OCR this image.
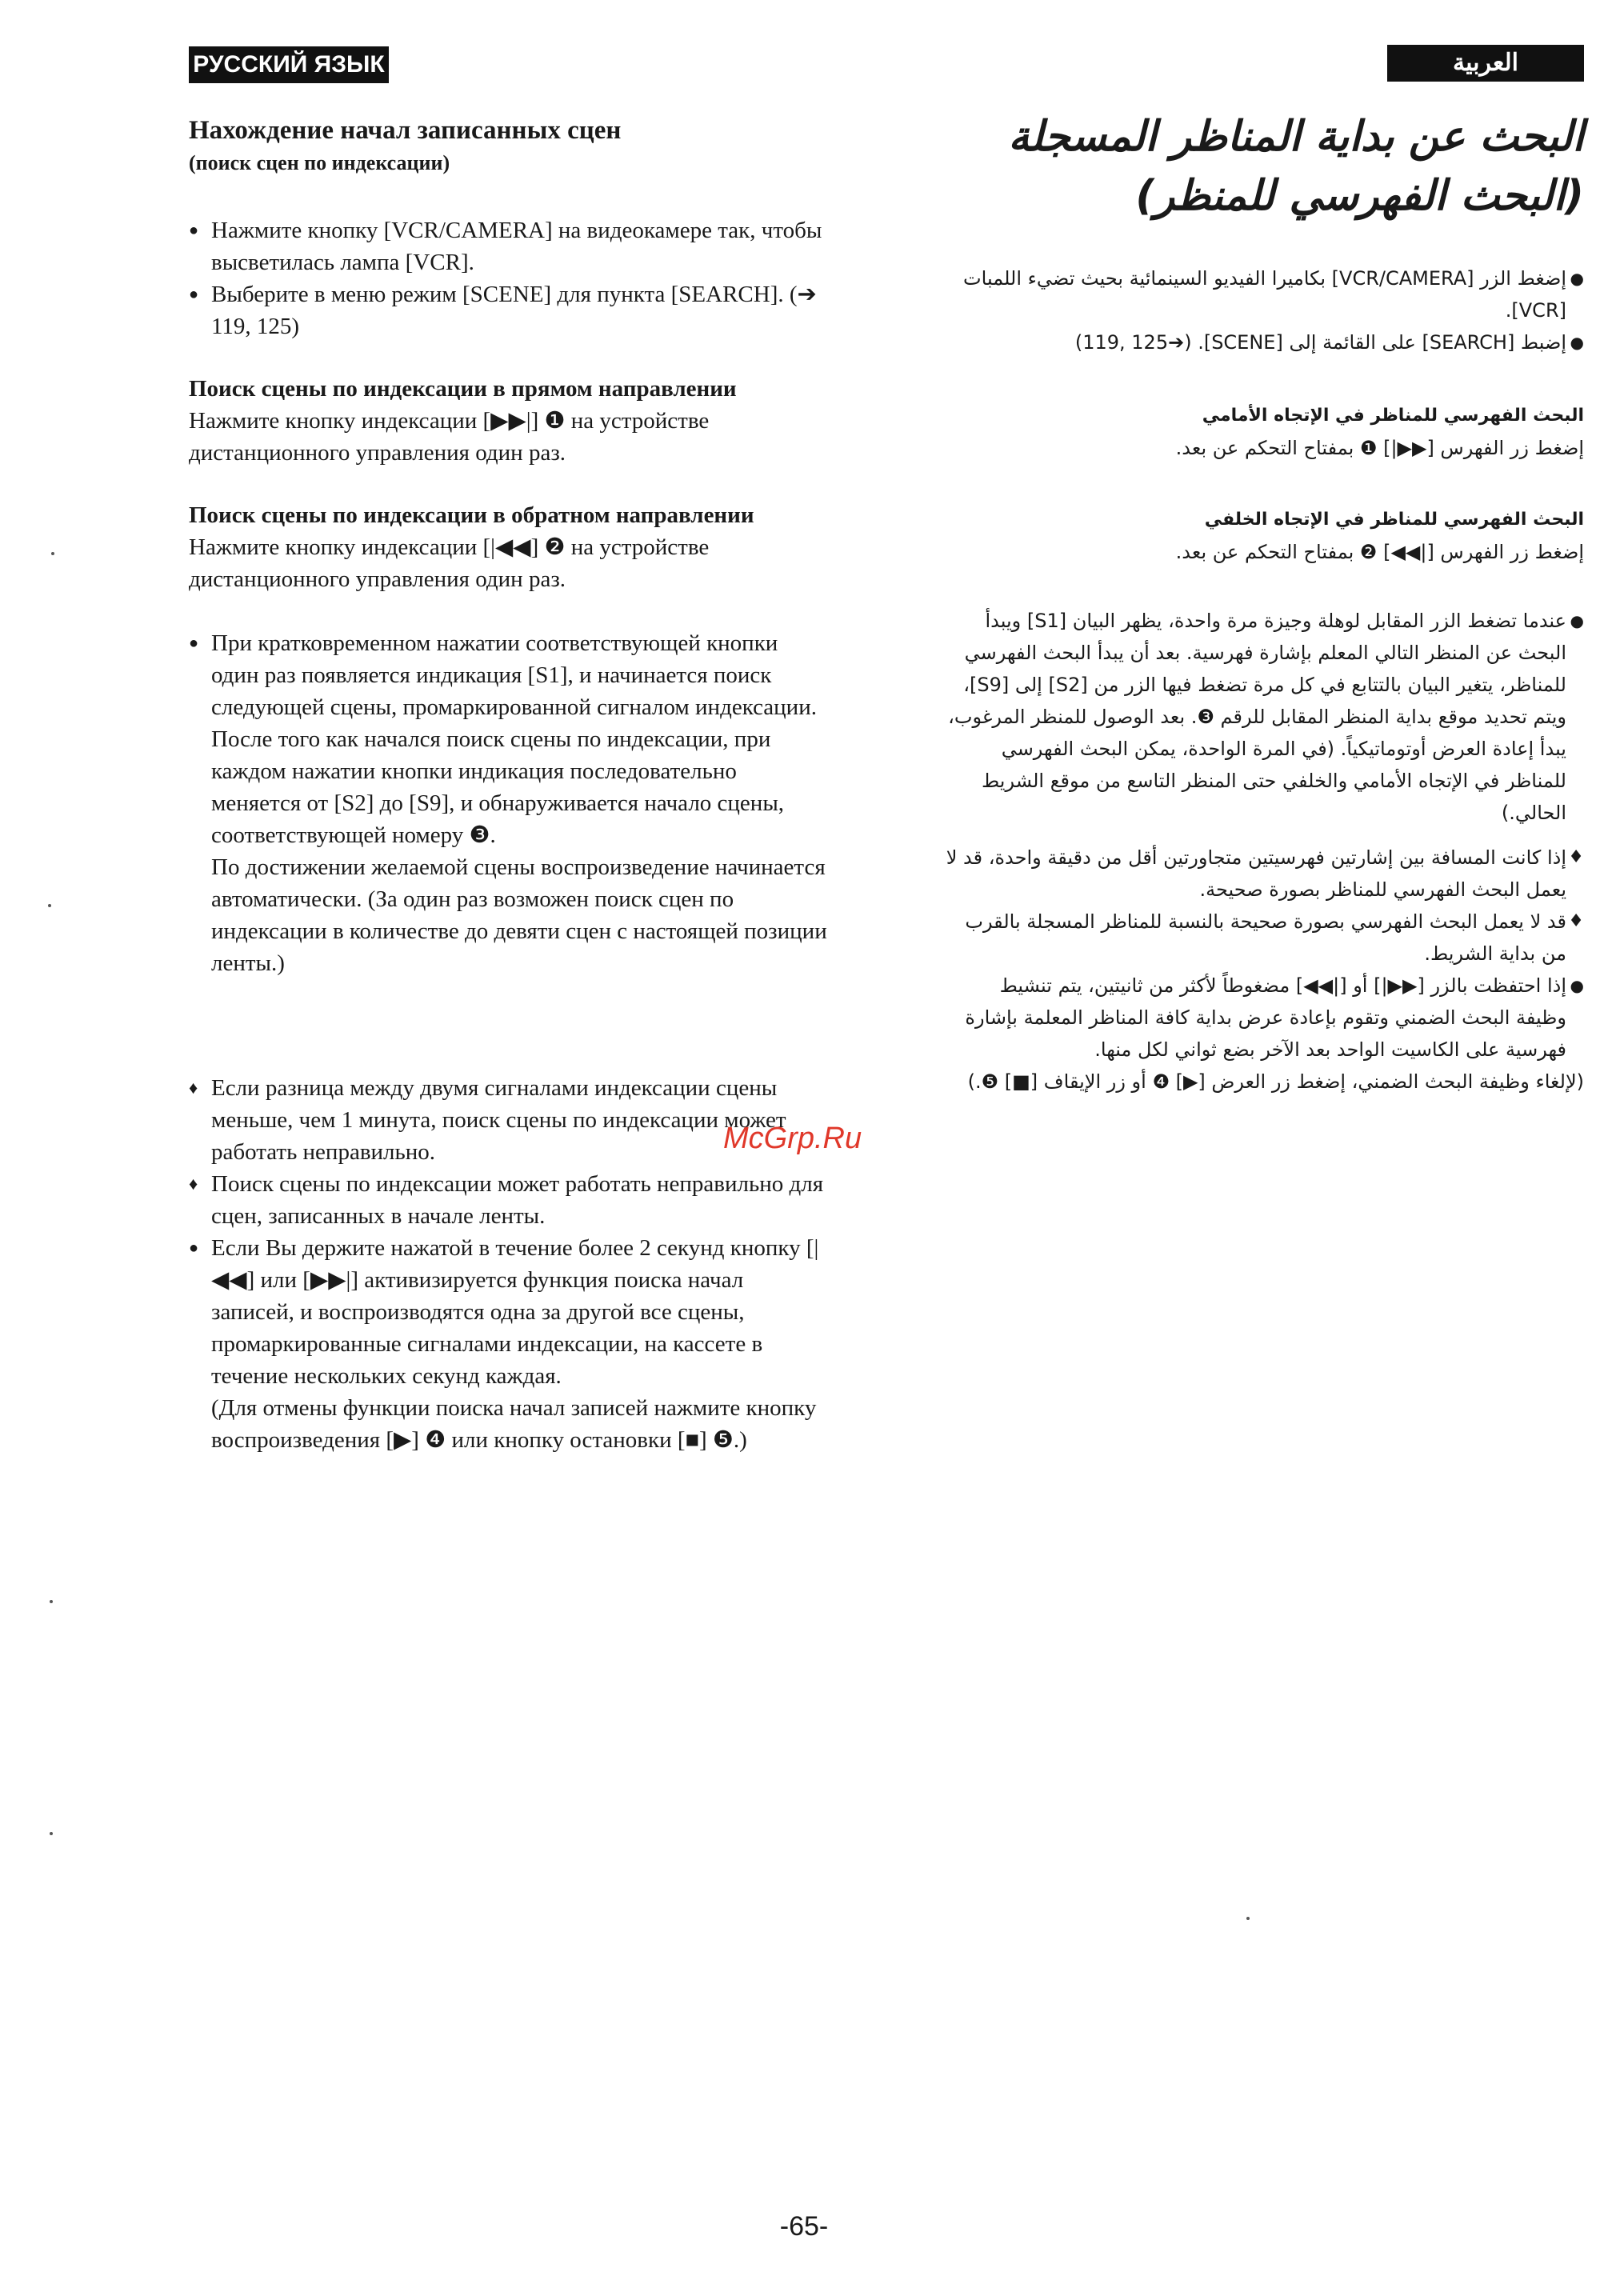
РУССКИЙ ЯЗЫК	العربية

Нахождение начал записанных сцен

(поиск сцен по индексации)

● Нажмите кнопку [VCR/CAMERA] на видеокамере так, чтобы высветилась лампа [VCR].

● Выберите в меню режим [SCENE] для пункта [SEARCH]. (➔ 119, 125)

Поиск сцены по индексации в прямом направлении

Нажмите кнопку индексации [▶▶|] ❶ на устройстве дистанционного управления один раз.

Поиск сцены по индексации в обратном направлении

Нажмите кнопку индексации [|◀◀] ❷ на устройстве дистанционного управления один раз.

● При кратковременном нажатии соответствующей кнопки один раз появляется индикация [S1], и начинается поиск следующей сцены, промаркированной сигналом индексации. После того как начался поиск сцены по индексации, при каждом нажатии кнопки индикация последовательно меняется от [S2] до [S9], и обнаруживается начало сцены, соответствующей номеру ❸.

По достижении желаемой сцены воспроизведение начинается автоматически. (За один раз возможен поиск сцен по индексации в количестве до девяти сцен с настоящей позиции ленты.)

♦ Если разница между двумя сигналами индексации сцены меньше, чем 1 минута, поиск сцены по индексации может работать неправильно.

♦ Поиск сцены по индексации может работать неправильно для сцен, записанных в начале ленты.

● Если Вы держите нажатой в течение более 2 секунд кнопку [|◀◀] или [▶▶|] активизируется функция поиска начал записей, и воспроизводятся одна за другой все сцены, промаркированные сигналами индексации, на кассете в течение нескольких секунд каждая.

(Для отмены функции поиска начал записей нажмите кнопку воспроизведения [▶] ❹ или кнопку остановки [■] ❺.)

البحث عن بداية المناظر المسجلة

(البحث الفهرسي للمنظر)

● إضغط الزر [VCR/CAMERA] بكاميرا الفيديو السينمائية بحيث تضيء اللمبات [VCR].

● إضبط [SEARCH] على القائمة إلى [SCENE]. (➔119, 125)

البحث الفهرسي للمناظر في الإتجاه الأمامي

إضغط زر الفهرس [▶▶|] ❶ بمفتاح التحكم عن بعد.

البحث الفهرسي للمناظر في الإتجاه الخلفي

إضغط زر الفهرس [|◀◀] ❷ بمفتاح التحكم عن بعد.

● عندما تضغط الزر المقابل لوهلة وجيزة مرة واحدة، يظهر البيان [S1] ويبدأ البحث عن المنظر التالي المعلم بإشارة فهرسية. بعد أن يبدأ البحث الفهرسي للمناظر، يتغير البيان بالتتابع في كل مرة تضغط فيها الزر من [S2] إلى [S9]، ويتم تحديد موقع بداية المنظر المقابل للرقم ❸. بعد الوصول للمنظر المرغوب، يبدأ إعادة العرض أوتوماتيكياً. (في المرة الواحدة، يمكن البحث الفهرسي للمناظر في الإتجاه الأمامي والخلفي حتى المنظر التاسع من موقع الشريط الحالي.)

♦ إذا كانت المسافة بين إشارتين فهرسيتين متجاورتين أقل من دقيقة واحدة، قد لا يعمل البحث الفهرسي للمناظر بصورة صحيحة.

♦ قد لا يعمل البحث الفهرسي بصورة صحيحة بالنسبة للمناظر المسجلة بالقرب من بداية الشريط.

● إذا احتفظت بالزر [▶▶|] أو [|◀◀] مضغوطاً لأكثر من ثانيتين، يتم تنشيط وظيفة البحث الضمني وتقوم بإعادة عرض بداية كافة المناظر المعلمة بإشارة فهرسية على الكاسيت الواحد بعد الآخر بضع ثواني لكل منها.

(لإلغاء وظيفة البحث الضمني، إضغط زر العرض [▶] ❹ أو زر الإيقاف [■] ❺.)

McGrp.Ru
-65-
